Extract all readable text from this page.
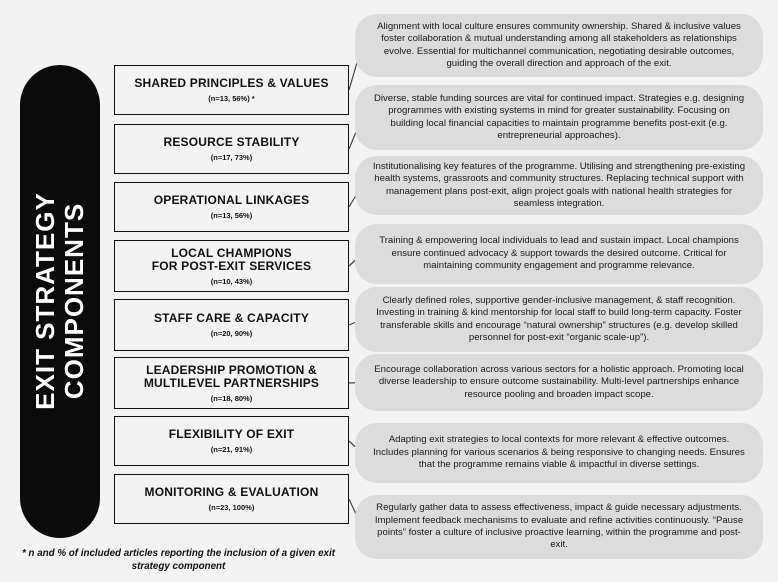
EXIT STRATEGY COMPONENTS
SHARED PRINCIPLES & VALUES
(n=13, 56%) *
RESOURCE STABILITY
(n=17, 73%)
OPERATIONAL LINKAGES
(n=13, 56%)
LOCAL CHAMPIONS
FOR POST-EXIT SERVICES
(n=10, 43%)
STAFF CARE & CAPACITY
(n=20, 90%)
LEADERSHIP PROMOTION &
MULTILEVEL PARTNERSHIPS
(n=18, 80%)
FLEXIBILITY OF EXIT
(n=21, 91%)
MONITORING & EVALUATION
(n=23, 100%)
Alignment with local culture ensures community ownership. Shared & inclusive values foster collaboration & mutual understanding among all stakeholders as relationships evolve. Essential for multichannel communication, negotiating desirable outcomes, guiding the overall direction and approach of the exit.
Diverse, stable funding sources are vital for continued impact. Strategies e.g. designing programmes with existing systems in mind for greater sustainability. Focusing on building local financial capacities to maintain programme benefits post-exit (e.g. entrepreneurial approaches).
Institutionalising key features of the programme. Utilising and strengthening pre-existing health systems, grassroots and community structures. Replacing technical support with management plans post-exit, align project goals with national health strategies for seamless integration.
Training & empowering local individuals to lead and sustain impact. Local champions ensure continued advocacy & support towards the desired outcome. Critical for maintaining community engagement and programme relevance.
Clearly defined roles, supportive gender-inclusive management, & staff recognition. Investing in training & kind mentorship for local staff to build long-term capacity. Foster transferable skills and encourage “natural ownership” structures (e.g. develop skilled personnel for post-exit “organic scale-up”).
Encourage collaboration across various sectors for a holistic approach. Promoting local diverse leadership to ensure outcome sustainability. Multi-level partnerships enhance resource pooling and broaden impact scope.
Adapting exit strategies to local contexts for more relevant & effective outcomes. Includes planning for various scenarios & being responsive to changing needs. Ensures that the programme remains viable & impactful in diverse settings.
Regularly gather data to assess effectiveness, impact & guide necessary adjustments. Implement feedback mechanisms to evaluate and refine activities continuously. “Pause points” foster a culture of inclusive proactive learning, within the programme and post-exit.
* n and % of included articles reporting the inclusion of a given exit strategy component
